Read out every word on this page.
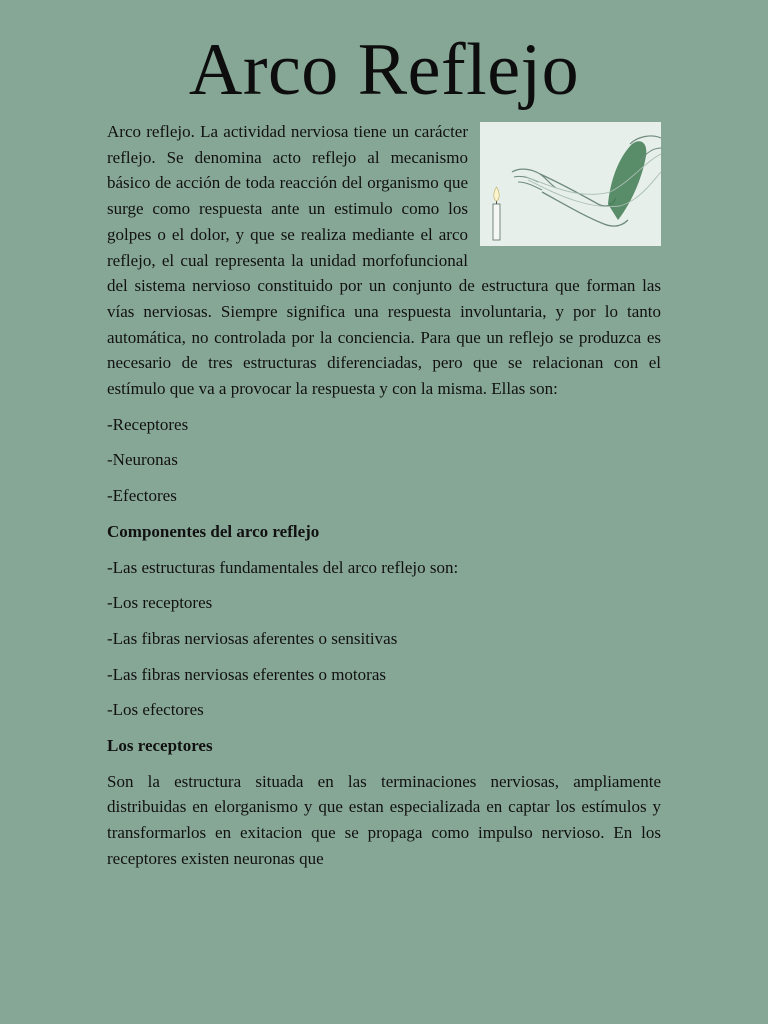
Arco Reflejo

Arco reflejo. La actividad nerviosa tiene un carácter reflejo. Se denomina acto reflejo al mecanismo básico de acción de toda reacción del organismo que surge como respuesta ante un estimulo como los golpes o el dolor, y que se realiza mediante el arco reflejo, el cual representa la unidad morfofuncional del sistema nervioso constituido por un conjunto de estructura que forman las vías nerviosas. Siempre significa una respuesta involuntaria, y por lo tanto automática, no controlada por la conciencia. Para que un reflejo se produzca es necesario de tres estructuras diferenciadas, pero que se relacionan con el estímulo que va a provocar la respuesta y con la misma. Ellas son:

-Receptores

-Neuronas

-Efectores

Componentes del arco reflejo

-Las estructuras fundamentales del arco reflejo son:

-Los receptores

-Las fibras nerviosas aferentes o sensitivas

-Las fibras nerviosas eferentes o motoras

-Los efectores

Los receptores

Son la estructura situada en las terminaciones nerviosas, ampliamente distribuidas en elorganismo y que estan especializada en captar los estímulos y transformarlos en exitacion que se propaga como impulso nervioso. En los receptores existen neuronas que
